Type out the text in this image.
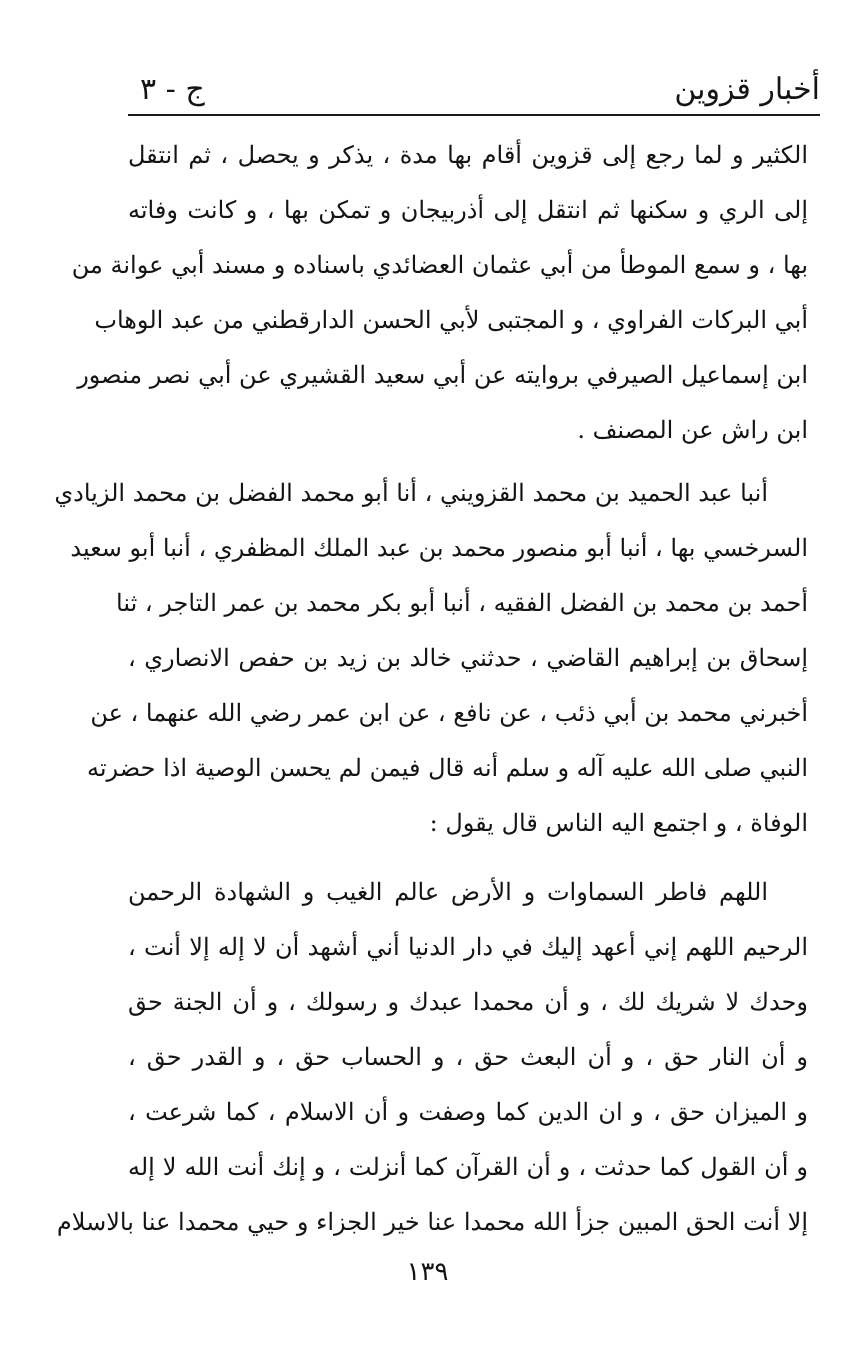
أخبار قزوين
ج - ٣
الكثير و لما رجع إلى قزوين أقام بها مدة ، يذكر و يحصل ، ثم انتقل
إلى الري و سكنها ثم انتقل إلى أذربيجان و تمكن بها ، و كانت وفاته
بها ، و سمع الموطأ من أبي عثمان العضائدي باسناده و مسند أبي عوانة من
أبي البركات الفراوي ، و المجتبى لأبي الحسن الدارقطني من عبد الوهاب
ابن إسماعيل الصيرفي بروايته عن أبي سعيد القشيري عن أبي نصر منصور
ابن راش عن المصنف .
أنبا عبد الحميد بن محمد القزويني ، أنا أبو محمد الفضل بن محمد الزيادي
السرخسي بها ، أنبا أبو منصور محمد بن عبد الملك المظفري ، أنبا أبو سعيد
أحمد بن محمد بن الفضل الفقيه ، أنبا أبو بكر محمد بن عمر التاجر ، ثنا
إسحاق بن إبراهيم القاضي ، حدثني خالد بن زيد بن حفص الانصاري ،
أخبرني محمد بن أبي ذئب ، عن نافع ، عن ابن عمر رضي الله عنهما ، عن
النبي صلى الله عليه آله و سلم أنه قال فيمن لم يحسن الوصية اذا حضرته
الوفاة ، و اجتمع اليه الناس قال يقول :
اللهم فاطر السماوات و الأرض عالم الغيب و الشهادة الرحمن
الرحيم اللهم إني أعهد إليك في دار الدنيا أني أشهد أن لا إله إلا أنت ،
وحدك لا شريك لك ، و أن محمدا عبدك و رسولك ، و أن الجنة حق
و أن النار حق ، و أن البعث حق ، و الحساب حق ، و القدر حق ،
و الميزان حق ، و ان الدين كما وصفت و أن الاسلام ، كما شرعت ،
و أن القول كما حدثت ، و أن القرآن كما أنزلت ، و إنك أنت الله لا إله
إلا أنت الحق المبين جزأ الله محمدا عنا خير الجزاء و حيي محمدا عنا بالاسلام
١٣٩
